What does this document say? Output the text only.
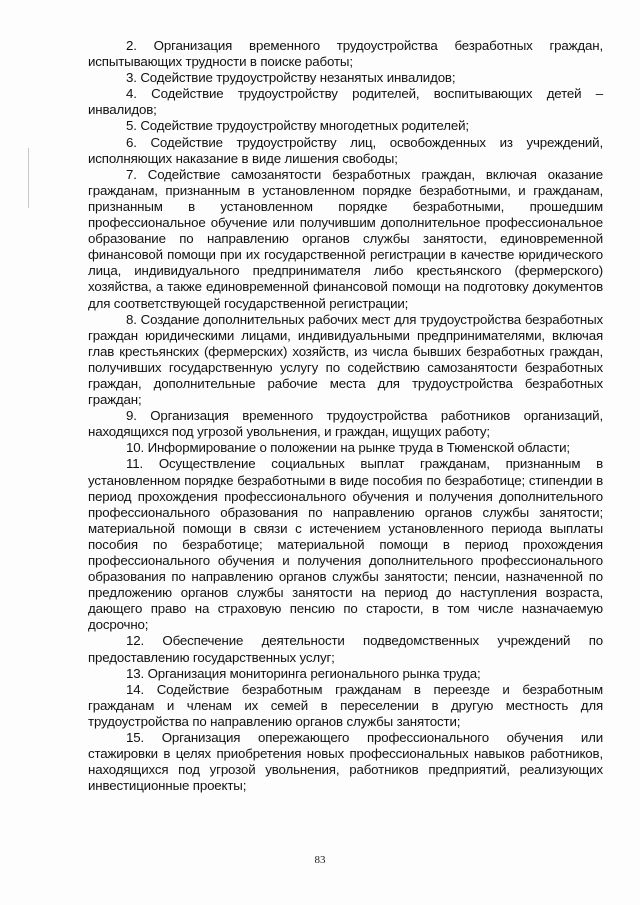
2. Организация временного трудоустройства безработных граждан, испытывающих трудности в поиске работы;

3. Содействие трудоустройству незанятых инвалидов;

4. Содействие трудоустройству родителей, воспитывающих детей – инвалидов;

5. Содействие трудоустройству многодетных родителей;

6. Содействие трудоустройству лиц, освобожденных из учреждений, исполняющих наказание в виде лишения свободы;

7. Содействие самозанятости безработных граждан, включая оказание гражданам, признанным в установленном порядке безработными, и гражданам, признанным в установленном порядке безработными, прошедшим профессиональное обучение или получившим дополнительное профессиональное образование по направлению органов службы занятости, единовременной финансовой помощи при их государственной регистрации в качестве юридического лица, индивидуального предпринимателя либо крестьянского (фермерского) хозяйства, а также единовременной финансовой помощи на подготовку документов для соответствующей государственной регистрации;

8. Создание дополнительных рабочих мест для трудоустройства безработных граждан юридическими лицами, индивидуальными предпринимателями, включая глав крестьянских (фермерских) хозяйств, из числа бывших безработных граждан, получивших государственную услугу по содействию самозанятости безработных граждан, дополнительные рабочие места для трудоустройства безработных граждан;

9. Организация временного трудоустройства работников организаций, находящихся под угрозой увольнения, и граждан, ищущих работу;

10. Информирование о положении на рынке труда в Тюменской области;

11. Осуществление социальных выплат гражданам, признанным в установленном порядке безработными в виде пособия по безработице; стипендии в период прохождения профессионального обучения и получения дополнительного профессионального образования по направлению органов службы занятости; материальной помощи в связи с истечением установленного периода выплаты пособия по безработице; материальной помощи в период прохождения профессионального обучения и получения дополнительного профессионального образования по направлению органов службы занятости; пенсии, назначенной по предложению органов службы занятости на период до наступления возраста, дающего право на страховую пенсию по старости, в том числе назначаемую досрочно;

12. Обеспечение деятельности подведомственных учреждений по предоставлению государственных услуг;

13. Организация мониторинга регионального рынка труда;

14. Содействие безработным гражданам в переезде и безработным гражданам и членам их семей в переселении в другую местность для трудоустройства по направлению органов службы занятости;

15. Организация опережающего профессионального обучения или стажировки в целях приобретения новых профессиональных навыков работников, находящихся под угрозой увольнения, работников предприятий, реализующих инвестиционные проекты;

83
